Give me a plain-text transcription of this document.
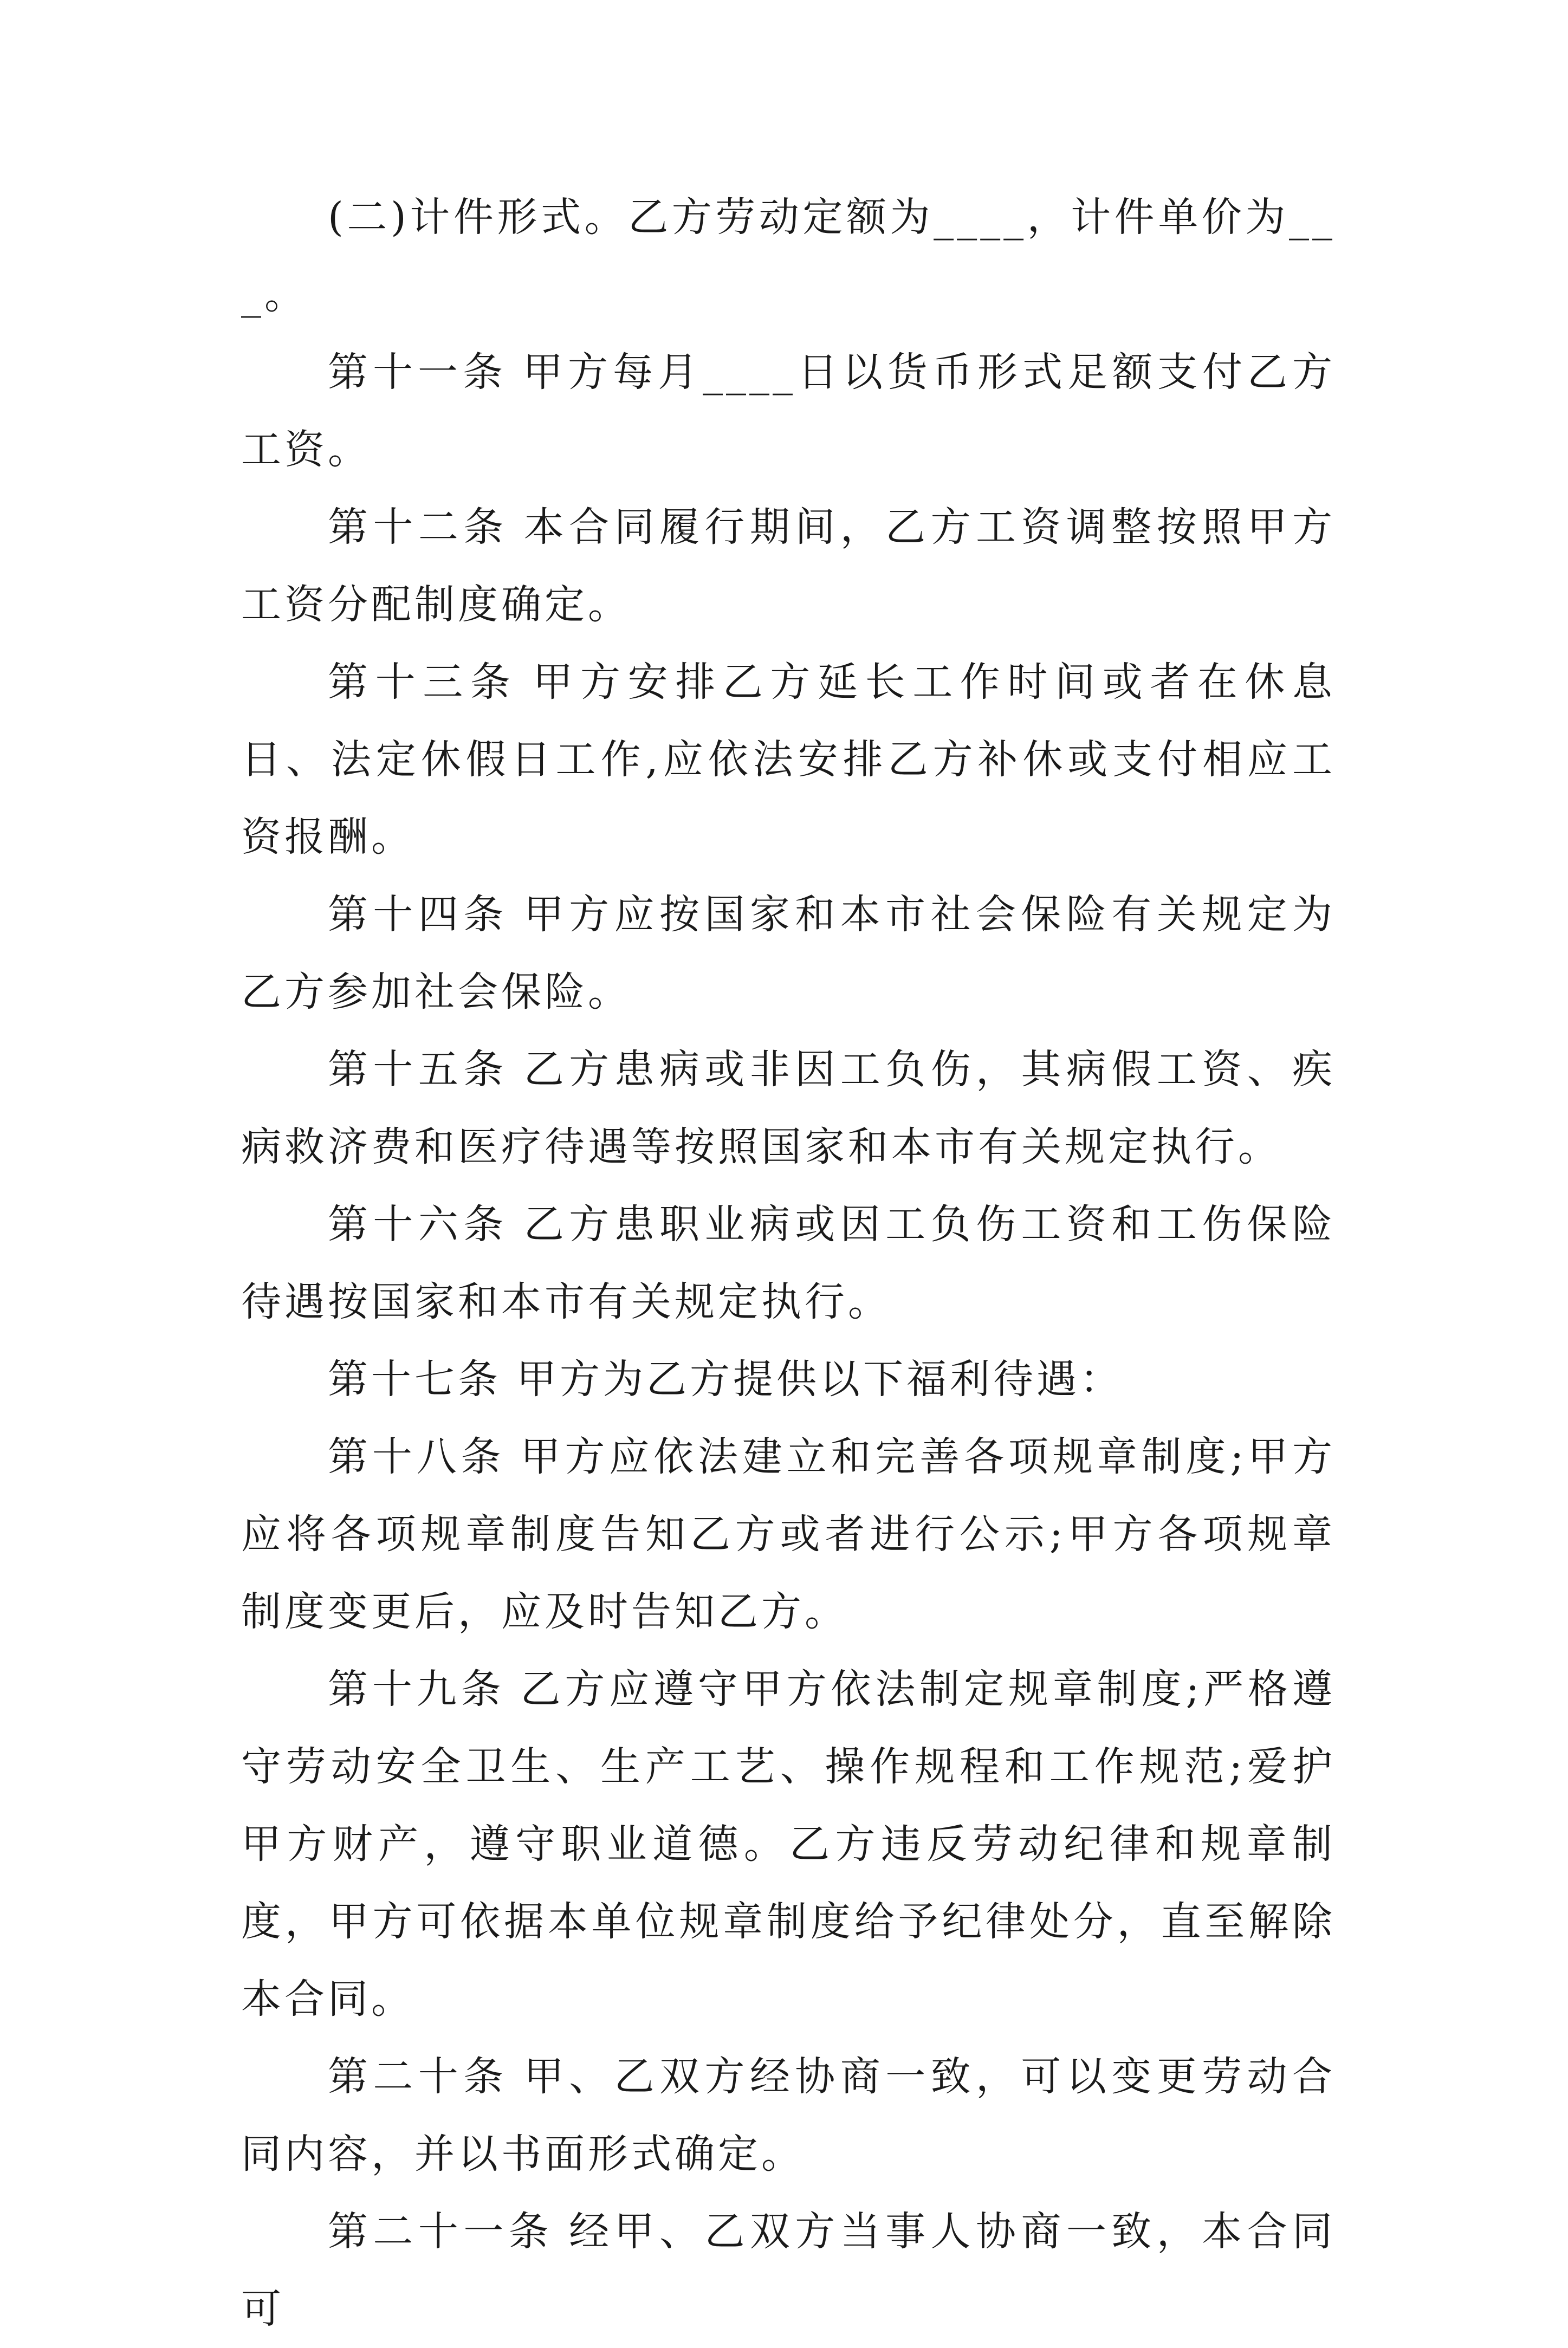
(二)计件形式。乙方劳动定额为____，计件单价为___。

第十一条 甲方每月____日以货币形式足额支付乙方工资。

第十二条 本合同履行期间，乙方工资调整按照甲方工资分配制度确定。

第十三条 甲方安排乙方延长工作时间或者在休息日、法定休假日工作,应依法安排乙方补休或支付相应工资报酬。

第十四条 甲方应按国家和本市社会保险有关规定为乙方参加社会保险。

第十五条 乙方患病或非因工负伤，其病假工资、疾病救济费和医疗待遇等按照国家和本市有关规定执行。

第十六条 乙方患职业病或因工负伤工资和工伤保险待遇按国家和本市有关规定执行。

第十七条 甲方为乙方提供以下福利待遇：

第十八条 甲方应依法建立和完善各项规章制度;甲方应将各项规章制度告知乙方或者进行公示;甲方各项规章制度变更后，应及时告知乙方。

第十九条 乙方应遵守甲方依法制定规章制度;严格遵守劳动安全卫生、生产工艺、操作规程和工作规范;爱护甲方财产，遵守职业道德。乙方违反劳动纪律和规章制度，甲方可依据本单位规章制度给予纪律处分，直至解除本合同。

第二十条 甲、乙双方经协商一致，可以变更劳动合同内容，并以书面形式确定。

第二十一条 经甲、乙双方当事人协商一致，本合同可
